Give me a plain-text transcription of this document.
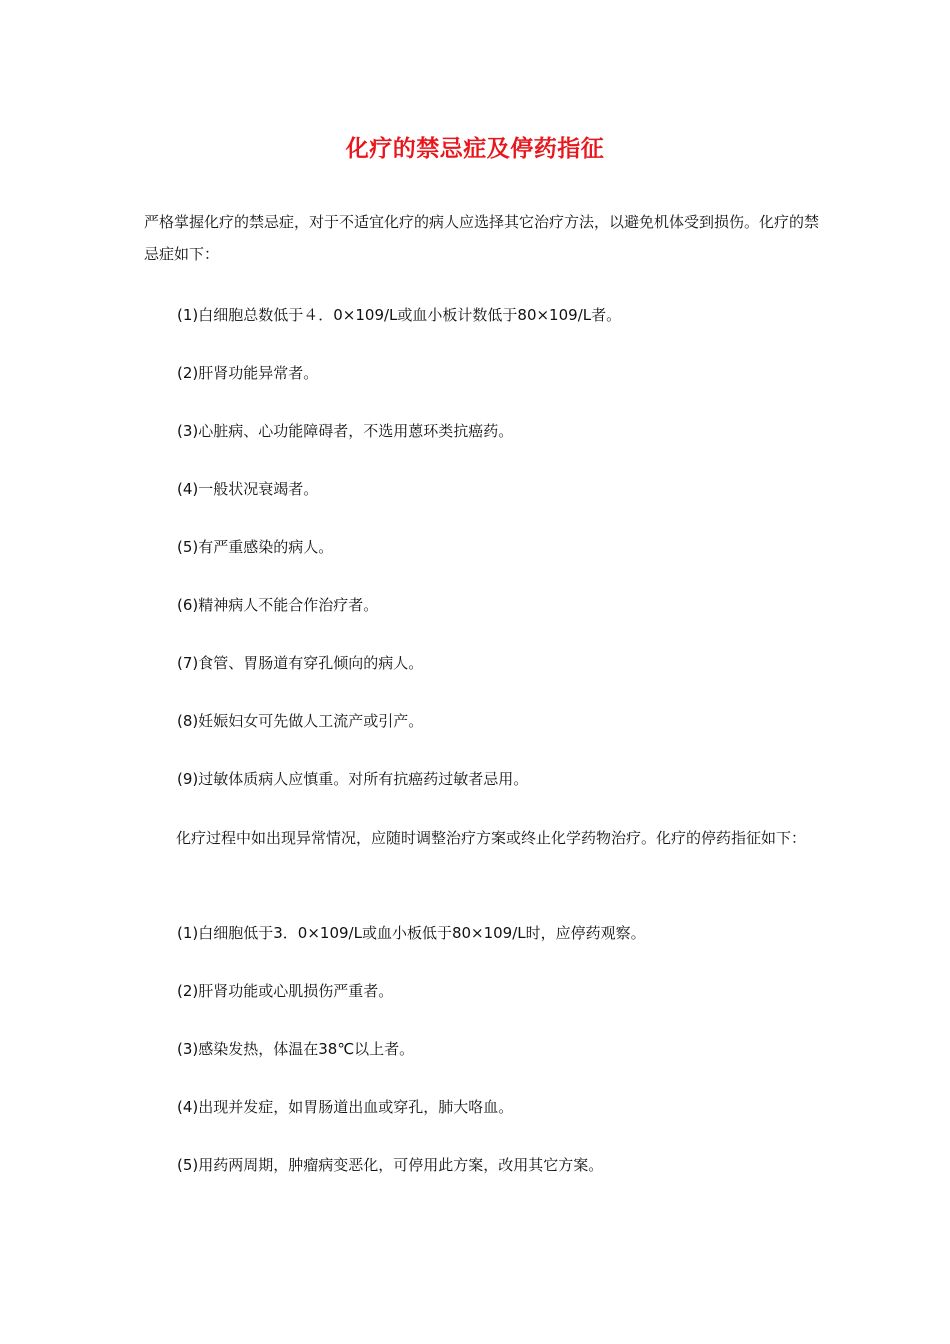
化疗的禁忌症及停药指征

严格掌握化疗的禁忌症，对于不适宜化疗的病人应选择其它治疗方法，以避免机体受到损伤。化疗的禁忌症如下：

(1)白细胞总数低于４．0×109/L或血小板计数低于80×109/L者。

(2)肝肾功能异常者。

(3)心脏病、心功能障碍者，不选用蒽环类抗癌药。

(4)一般状况衰竭者。

(5)有严重感染的病人。

(6)精神病人不能合作治疗者。

(7)食管、胃肠道有穿孔倾向的病人。

(8)妊娠妇女可先做人工流产或引产。

(9)过敏体质病人应慎重。对所有抗癌药过敏者忌用。

化疗过程中如出现异常情况，应随时调整治疗方案或终止化学药物治疗。化疗的停药指征如下：

(1)白细胞低于3．0×109/L或血小板低于80×109/L时，应停药观察。

(2)肝肾功能或心肌损伤严重者。

(3)感染发热，体温在38℃以上者。

(4)出现并发症，如胃肠道出血或穿孔，肺大咯血。

(5)用药两周期，肿瘤病变恶化，可停用此方案，改用其它方案。
